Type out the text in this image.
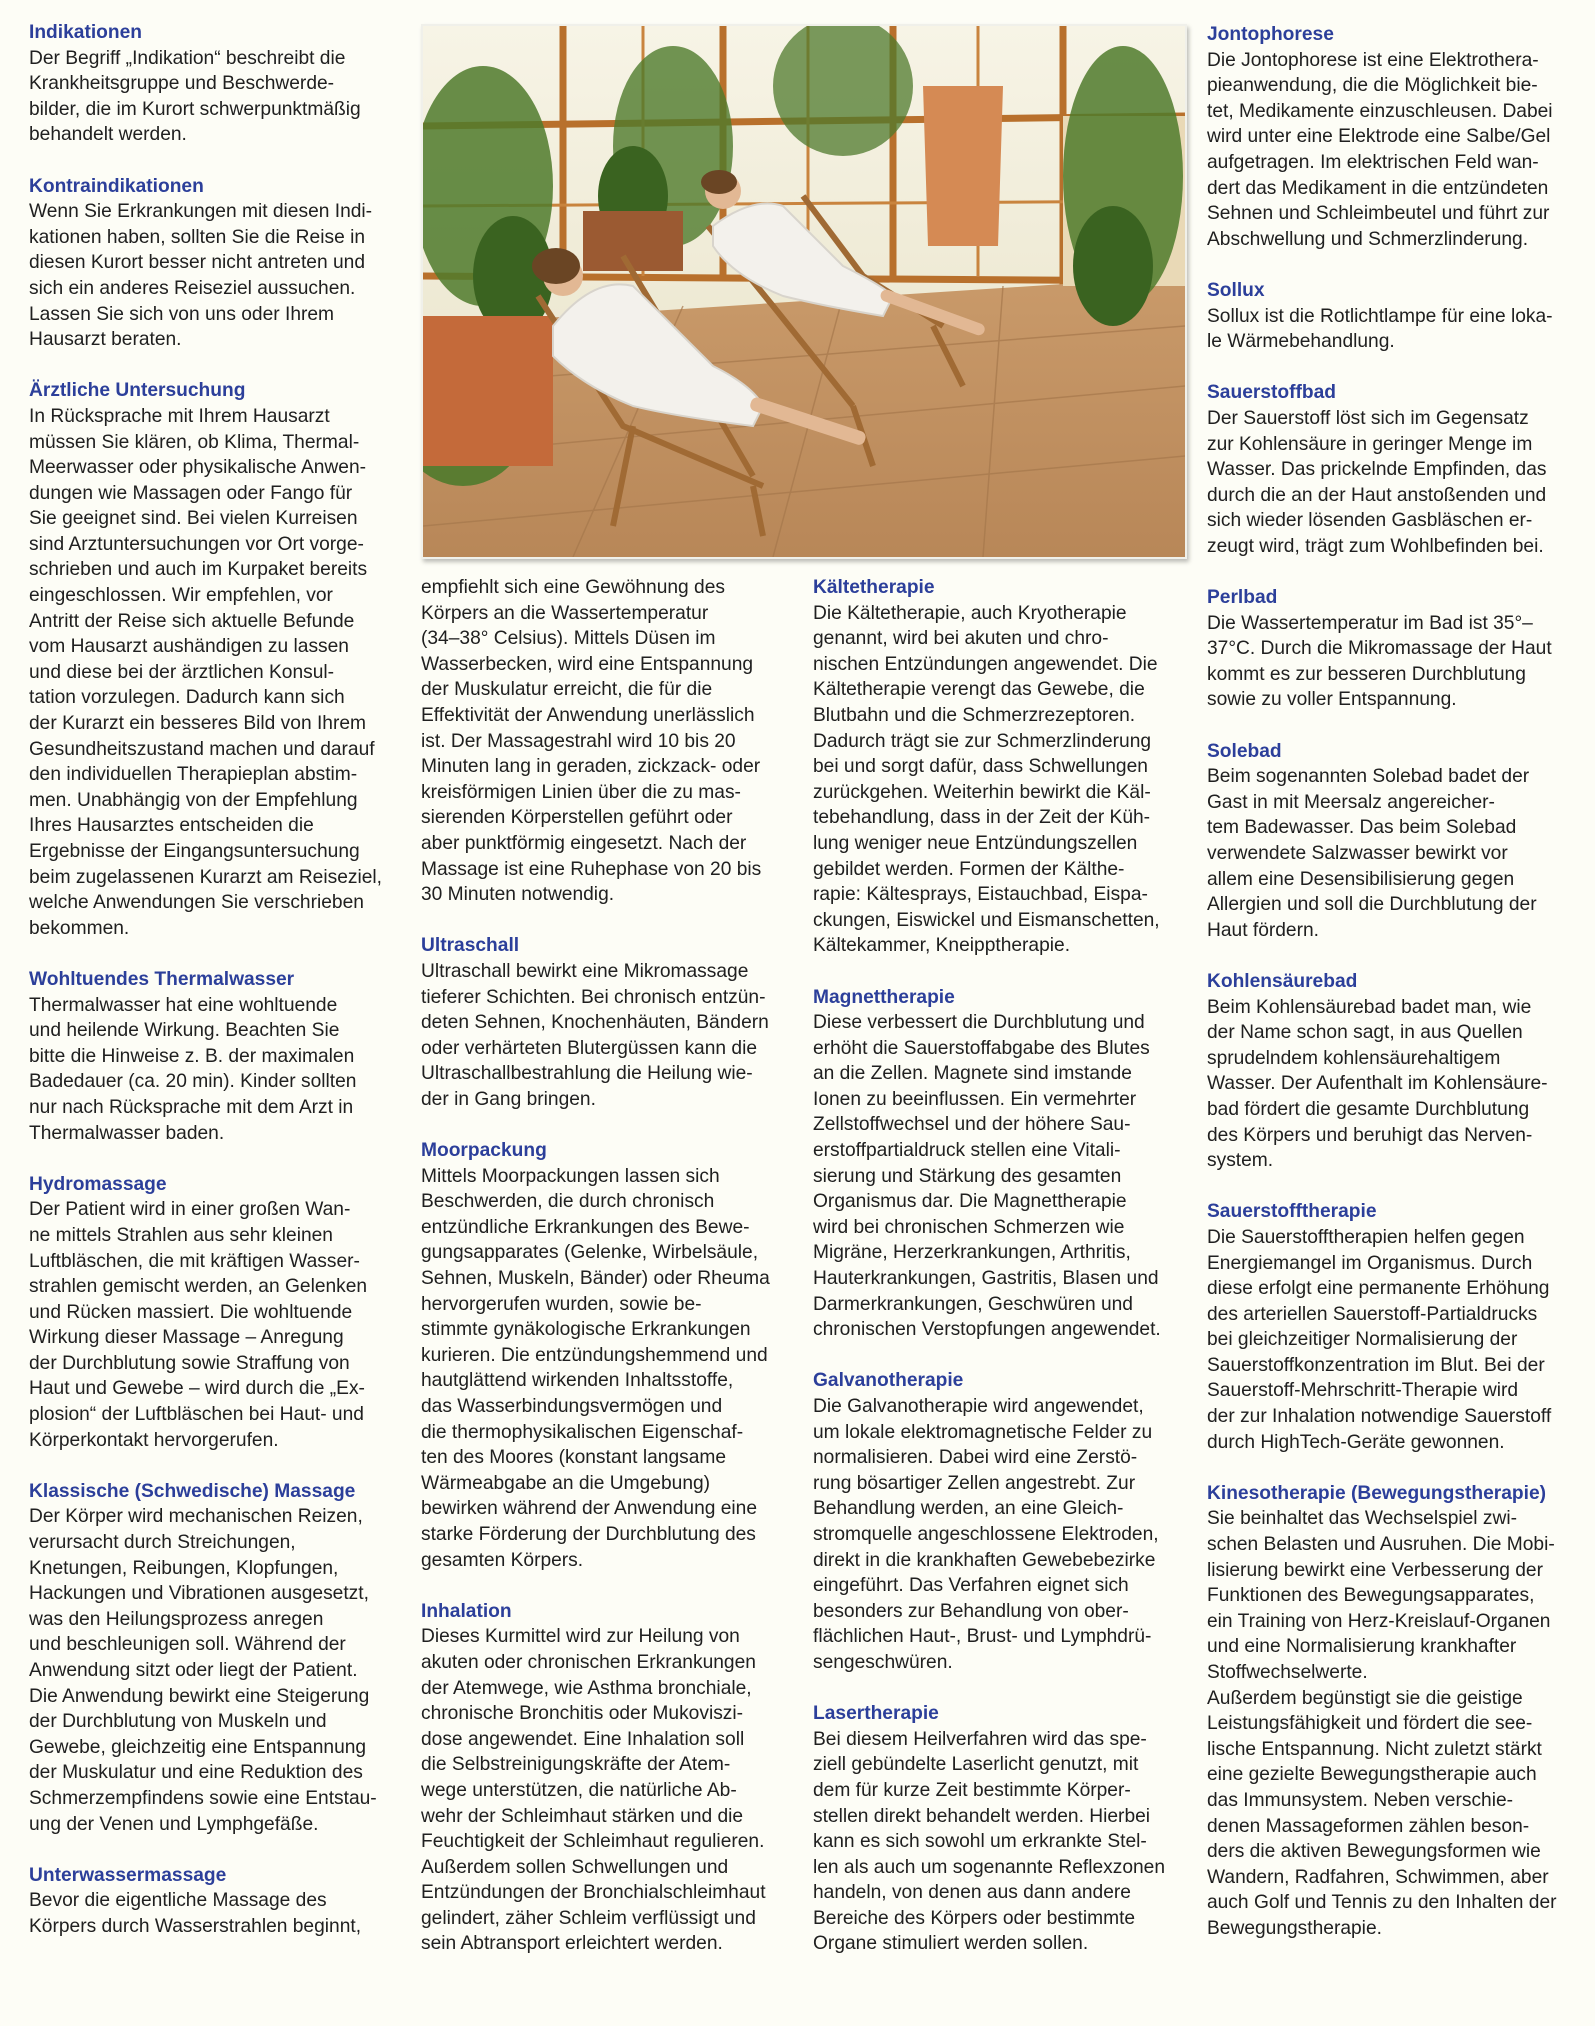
Indikationen

Der Begriff „Indikation“ beschreibt die
Krankheitsgruppe und Beschwerde-
bilder, die im Kurort schwerpunktmäßig
behandelt werden.

Kontraindikationen

Wenn Sie Erkrankungen mit diesen Indi-
kationen haben, sollten Sie die Reise in
diesen Kurort besser nicht antreten und
sich ein anderes Reiseziel aussuchen.
Lassen Sie sich von uns oder Ihrem
Hausarzt beraten.

Ärztliche Untersuchung

In Rücksprache mit Ihrem Hausarzt
müssen Sie klären, ob Klima, Thermal-
Meerwasser oder physikalische Anwen-
dungen wie Massagen oder Fango für
Sie geeignet sind. Bei vielen Kurreisen
sind Arztuntersuchungen vor Ort vorge-
schrieben und auch im Kurpaket bereits
eingeschlossen. Wir empfehlen, vor
Antritt der Reise sich aktuelle Befunde
vom Hausarzt aushändigen zu lassen
und diese bei der ärztlichen Konsul-
tation vorzulegen. Dadurch kann sich
der Kurarzt ein besseres Bild von Ihrem
Gesundheitszustand machen und darauf
den individuellen Therapieplan abstim-
men. Unabhängig von der Empfehlung
Ihres Hausarztes entscheiden die
Ergebnisse der Eingangsuntersuchung
beim zugelassenen Kurarzt am Reiseziel,
welche Anwendungen Sie verschrieben
bekommen.

Wohltuendes Thermalwasser

Thermalwasser hat eine wohltuende
und heilende Wirkung. Beachten Sie
bitte die Hinweise z. B. der maximalen
Badedauer (ca. 20 min). Kinder sollten
nur nach Rücksprache mit dem Arzt in
Thermalwasser baden.

Hydromassage

Der Patient wird in einer großen Wan-
ne mittels Strahlen aus sehr kleinen
Luftbläschen, die mit kräftigen Wasser-
strahlen gemischt werden, an Gelenken
und Rücken massiert. Die wohltuende
Wirkung dieser Massage – Anregung
der Durchblutung sowie Straffung von
Haut und Gewebe – wird durch die „Ex-
plosion“ der Luftbläschen bei Haut- und
Körperkontakt hervorgerufen.

Klassische (Schwedische) Massage

Der Körper wird mechanischen Reizen,
verursacht durch Streichungen,
Knetungen, Reibungen, Klopfungen,
Hackungen und Vibrationen ausgesetzt,
was den Heilungsprozess anregen
und beschleunigen soll. Während der
Anwendung sitzt oder liegt der Patient.
Die Anwendung bewirkt eine Steigerung
der Durchblutung von Muskeln und
Gewebe, gleichzeitig eine Entspannung
der Muskulatur und eine Reduktion des
Schmerzempfindens sowie eine Entstau-
ung der Venen und Lymphgefäße.

Unterwassermassage

Bevor die eigentliche Massage des
Körpers durch Wasserstrahlen beginnt,

empfiehlt sich eine Gewöhnung des
Körpers an die Wassertemperatur
(34–38° Celsius). Mittels Düsen im
Wasserbecken, wird eine Entspannung
der Muskulatur erreicht, die für die
Effektivität der Anwendung unerlässlich
ist. Der Massagestrahl wird 10 bis 20
Minuten lang in geraden, zickzack- oder
kreisförmigen Linien über die zu mas-
sierenden Körperstellen geführt oder
aber punktförmig eingesetzt. Nach der
Massage ist eine Ruhephase von 20 bis
30 Minuten notwendig.

Ultraschall

Ultraschall bewirkt eine Mikromassage
tieferer Schichten. Bei chronisch entzün-
deten Sehnen, Knochenhäuten, Bändern
oder verhärteten Blutergüssen kann die
Ultraschallbestrahlung die Heilung wie-
der in Gang bringen.

Moorpackung

Mittels Moorpackungen lassen sich
Beschwerden, die durch chronisch
entzündliche Erkrankungen des Bewe-
gungsapparates (Gelenke, Wirbelsäule,
Sehnen, Muskeln, Bänder) oder Rheuma
hervorgerufen wurden, sowie be-
stimmte gynäkologische Erkrankungen
kurieren. Die entzündungshemmend und
hautglättend wirkenden Inhaltsstoffe,
das Wasserbindungsvermögen und
die thermophysikalischen Eigenschaf-
ten des Moores (konstant langsame
Wärmeabgabe an die Umgebung)
bewirken während der Anwendung eine
starke Förderung der Durchblutung des
gesamten Körpers.

Inhalation

Dieses Kurmittel wird zur Heilung von
akuten oder chronischen Erkrankungen
der Atemwege, wie Asthma bronchiale,
chronische Bronchitis oder Mukoviszi-
dose angewendet. Eine Inhalation soll
die Selbstreinigungskräfte der Atem-
wege unterstützen, die natürliche Ab-
wehr der Schleimhaut stärken und die
Feuchtigkeit der Schleimhaut regulieren.
Außerdem sollen Schwellungen und
Entzündungen der Bronchialschleimhaut
gelindert, zäher Schleim verflüssigt und
sein Abtransport erleichtert werden.

Kältetherapie

Die Kältetherapie, auch Kryotherapie
genannt, wird bei akuten und chro-
nischen Entzündungen angewendet. Die
Kältetherapie verengt das Gewebe, die
Blutbahn und die Schmerzrezeptoren.
Dadurch trägt sie zur Schmerzlinderung
bei und sorgt dafür, dass Schwellungen
zurückgehen. Weiterhin bewirkt die Käl-
tebehandlung, dass in der Zeit der Küh-
lung weniger neue Entzündungszellen
gebildet werden. Formen der Kälthe-
rapie: Kältesprays, Eistauchbad, Eispa-
ckungen, Eiswickel und Eismanschetten,
Kältekammer, Kneipptherapie.

Magnettherapie

Diese verbessert die Durchblutung und
erhöht die Sauerstoffabgabe des Blutes
an die Zellen. Magnete sind imstande
Ionen zu beeinflussen. Ein vermehrter
Zellstoffwechsel und der höhere Sau-
erstoffpartialdruck stellen eine Vitali-
sierung und Stärkung des gesamten
Organismus dar. Die Magnettherapie
wird bei chronischen Schmerzen wie
Migräne, Herzerkrankungen, Arthritis,
Hauterkrankungen, Gastritis, Blasen und
Darmerkrankungen, Geschwüren und
chronischen Verstopfungen angewendet.

Galvanotherapie

Die Galvanotherapie wird angewendet,
um lokale elektromagnetische Felder zu
normalisieren. Dabei wird eine Zerstö-
rung bösartiger Zellen angestrebt. Zur
Behandlung werden, an eine Gleich-
stromquelle angeschlossene Elektroden,
direkt in die krankhaften Gewebebezirke
eingeführt. Das Verfahren eignet sich
besonders zur Behandlung von ober-
flächlichen Haut-, Brust- und Lymphdrü-
sengeschwüren.

Lasertherapie

Bei diesem Heilverfahren wird das spe-
ziell gebündelte Laserlicht genutzt, mit
dem für kurze Zeit bestimmte Körper-
stellen direkt behandelt werden. Hierbei
kann es sich sowohl um erkrankte Stel-
len als auch um sogenannte Reflexzonen
handeln, von denen aus dann andere
Bereiche des Körpers oder bestimmte
Organe stimuliert werden sollen.

Jontophorese

Die Jontophorese ist eine Elektrothera-
pieanwendung, die die Möglichkeit bie-
tet, Medikamente einzuschleusen. Dabei
wird unter eine Elektrode eine Salbe/Gel
aufgetragen. Im elektrischen Feld wan-
dert das Medikament in die entzündeten
Sehnen und Schleimbeutel und führt zur
Abschwellung und Schmerzlinderung.

Sollux

Sollux ist die Rotlichtlampe für eine loka-
le Wärmebehandlung.

Sauerstoffbad

Der Sauerstoff löst sich im Gegensatz
zur Kohlensäure in geringer Menge im
Wasser. Das prickelnde Empfinden, das
durch die an der Haut anstoßenden und
sich wieder lösenden Gasbläschen er-
zeugt wird, trägt zum Wohlbefinden bei.

Perlbad

Die Wassertemperatur im Bad ist 35°–
37°C. Durch die Mikromassage der Haut
kommt es zur besseren Durchblutung
sowie zu voller Entspannung.

Solebad

Beim sogenannten Solebad badet der
Gast in mit Meersalz angereicher-
tem Badewasser. Das beim Solebad
verwendete Salzwasser bewirkt vor
allem eine Desensibilisierung gegen
Allergien und soll die Durchblutung der
Haut fördern.

Kohlensäurebad

Beim Kohlensäurebad badet man, wie
der Name schon sagt, in aus Quellen
sprudelndem kohlensäurehaltigem
Wasser. Der Aufenthalt im Kohlensäure-
bad fördert die gesamte Durchblutung
des Körpers und beruhigt das Nerven-
system.

Sauerstofftherapie

Die Sauerstofftherapien helfen gegen
Energiemangel im Organismus. Durch
diese erfolgt eine permanente Erhöhung
des arteriellen Sauerstoff-Partialdrucks
bei gleichzeitiger Normalisierung der
Sauerstoffkonzentration im Blut. Bei der
Sauerstoff-Mehrschritt-Therapie wird
der zur Inhalation notwendige Sauerstoff
durch HighTech-Geräte gewonnen.

Kinesotherapie (Bewegungstherapie)

Sie beinhaltet das Wechselspiel zwi-
schen Belasten und Ausruhen. Die Mobi-
lisierung bewirkt eine Verbesserung der
Funktionen des Bewegungsapparates,
ein Training von Herz-Kreislauf-Organen
und eine Normalisierung krankhafter
Stoffwechselwerte.
Außerdem begünstigt sie die geistige
Leistungsfähigkeit und fördert die see-
lische Entspannung. Nicht zuletzt stärkt
eine gezielte Bewegungstherapie auch
das Immunsystem. Neben verschie-
denen Massageformen zählen beson-
ders die aktiven Bewegungsformen wie
Wandern, Radfahren, Schwimmen, aber
auch Golf und Tennis zu den Inhalten der
Bewegungstherapie.
